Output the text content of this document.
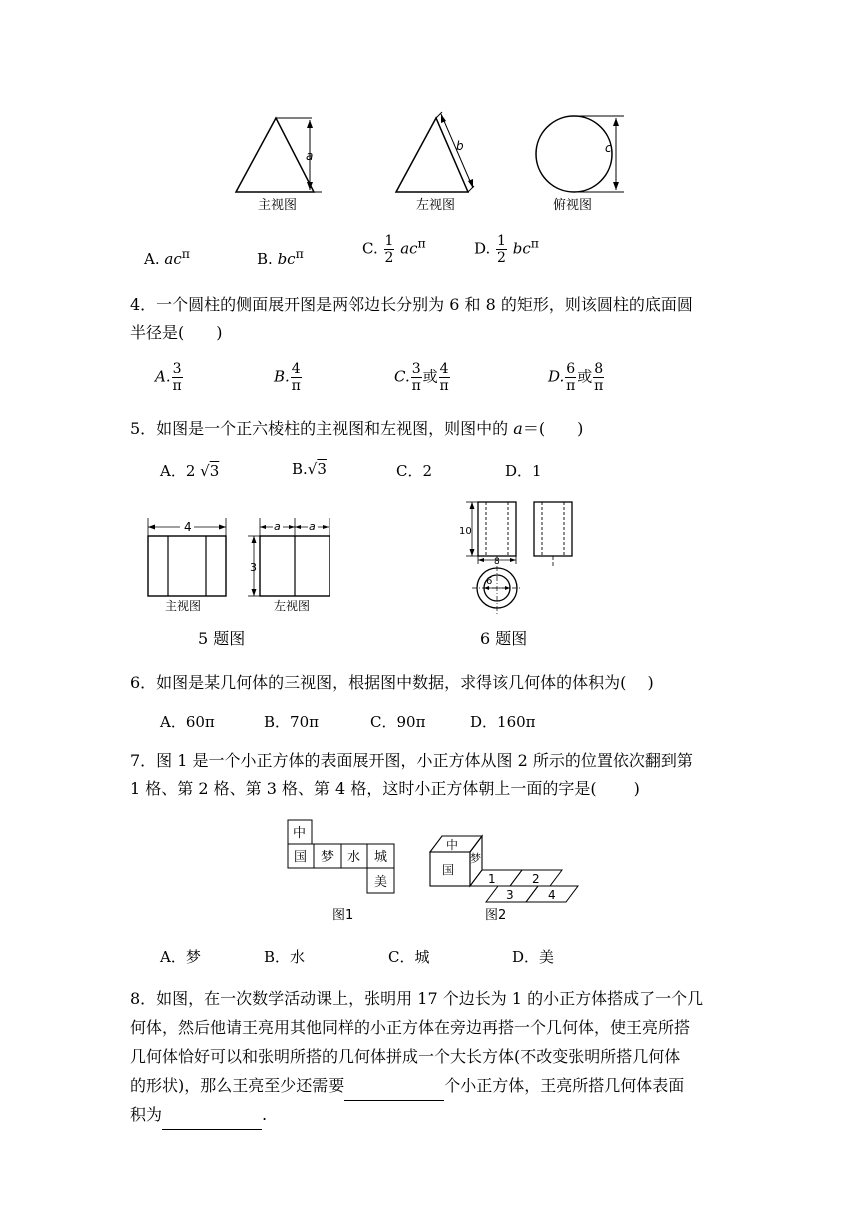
a
b	c
主视图	左视图	俯视图
A. $ac^\pi$	B. $bc^\pi$	C. $\frac{1}{2} ac^\pi$	D. $\frac{1}{2} bc^\pi$
4．一个圆柱的侧面展开图是两邻边长分别为 6 和 8 的矩形，则该圆柱的底面圆
半径是(　　)
A. $\frac{3}{\pi}$	B. $\frac{4}{\pi}$	C. $\frac{3}{\pi}$ 或 $\frac{4}{\pi}$	D. $\frac{6}{\pi}$ 或 $\frac{8}{\pi}$
5．如图是一个正六棱柱的主视图和左视图，则图中的 a＝(　　)
A．2 √3	B.√3	C．2	D．1
4	a	a
3
主视图	左视图
5 题图
10
8
6
6 题图
6．如图是某几何体的三视图，根据图中数据，求得该几何体的体积为(　 )
A．60π	B．70π	C．90π	D．160π
7．图 1 是一个小正方体的表面展开图，小正方体从图 2 所示的位置依次翻到第
1 格、第 2 格、第 3 格、第 4 格，这时小正方体朝上一面的字是(　　 )
中
国 梦 水 城
美
中
国
梦
1	2
3	4
图1	图2
A．梦	B．水	C．城	D．美
8．如图，在一次数学活动课上，张明用 17 个边长为 1 的小正方体搭成了一个几
何体，然后他请王亮用其他同样的小正方体在旁边再搭一个几何体，使王亮所搭
几何体恰好可以和张明所搭的几何体拼成一个大长方体(不改变张明所搭几何体
的形状)，那么王亮至少还需要	个小正方体，王亮所搭几何体表面
积为	.
